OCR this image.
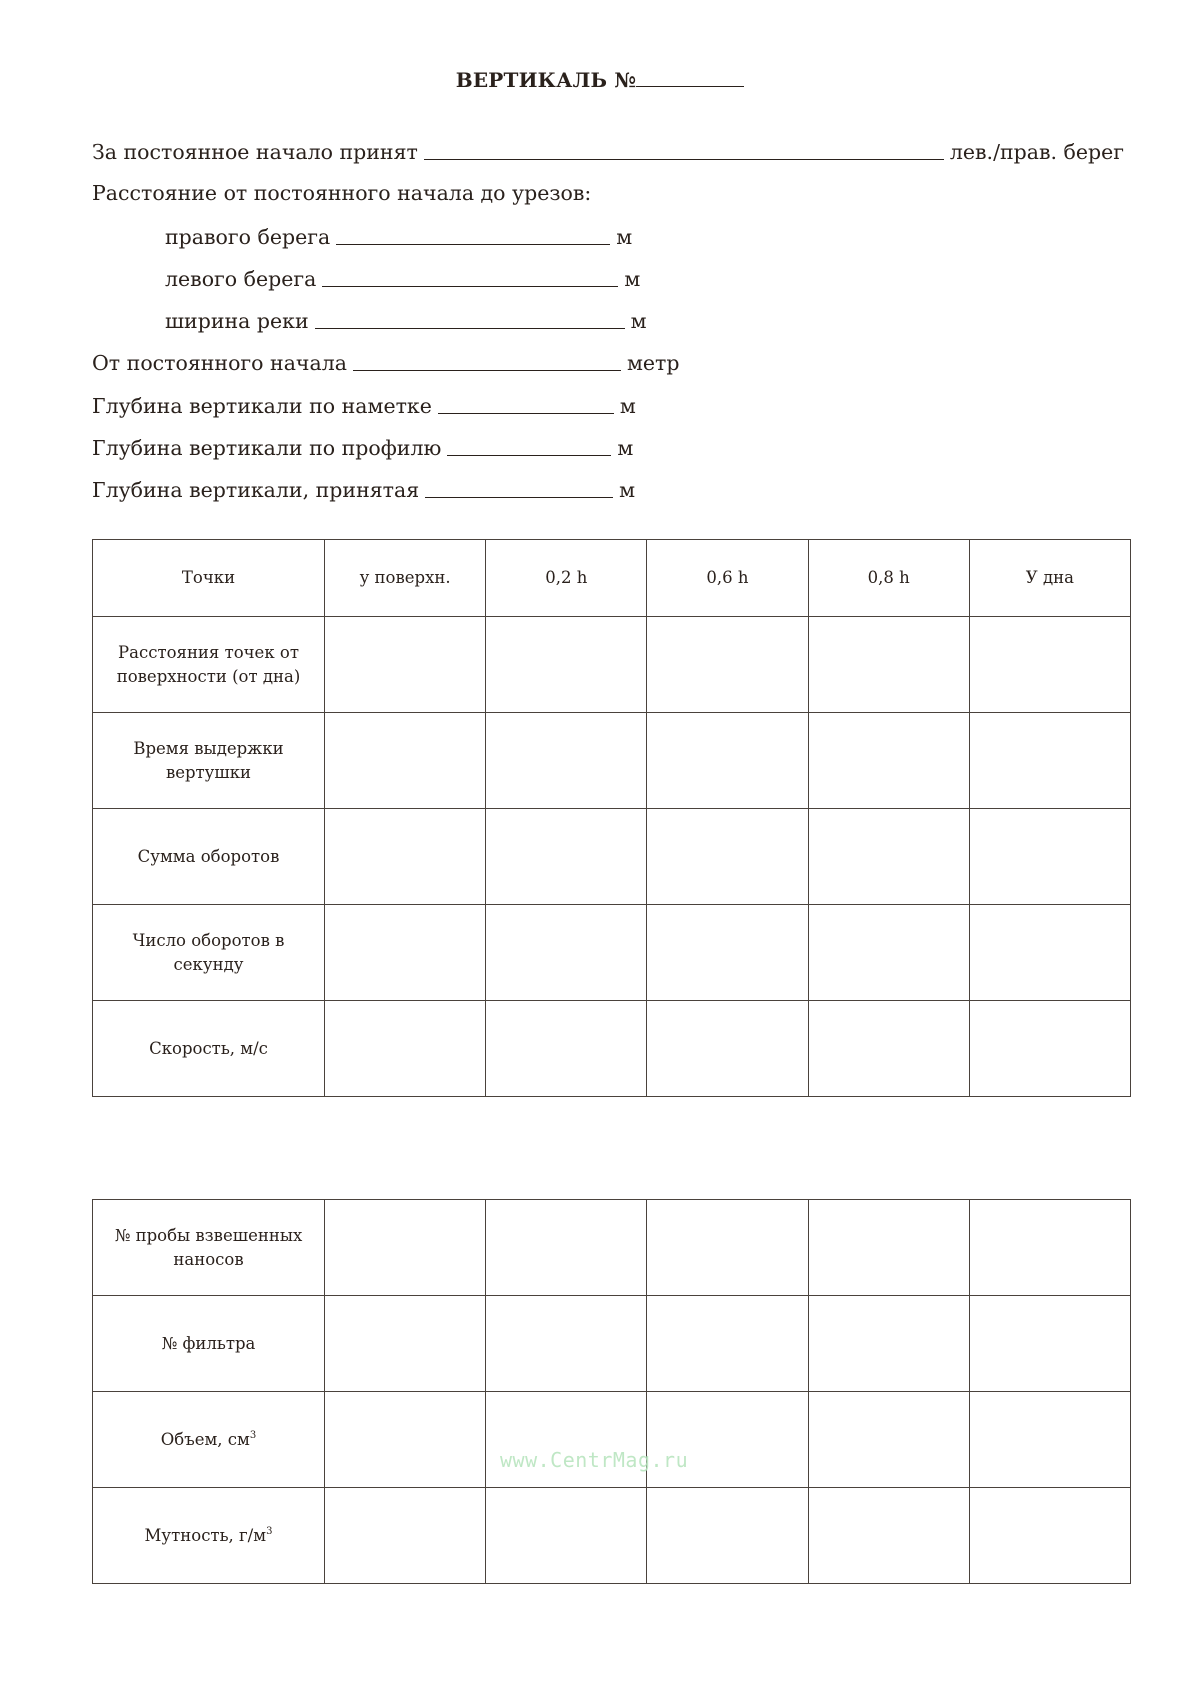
ВЕРТИКАЛЬ №
За постоянное начало принят	лев./прав. берег
Расстояние от постоянного начала до урезов:
правого берега	м
левого берега	м
ширина реки	м
От постоянного начала	метр
Глубина вертикали по наметке	м
Глубина вертикали по профилю	м
Глубина вертикали, принятая	м
Точки	у поверхн.	0,2 h	0,6 h	0,8 h	У дна
Расстояния точек от поверхности (от дна)					
Время выдержки вертушки					
Сумма оборотов					
Число оборотов в секунду					
Скорость, м/с					
№ пробы взвешенных наносов					
№ фильтра					
Объем, $см^3$					
Мутность, $г/м^3$					
www.CentrMag.ru
